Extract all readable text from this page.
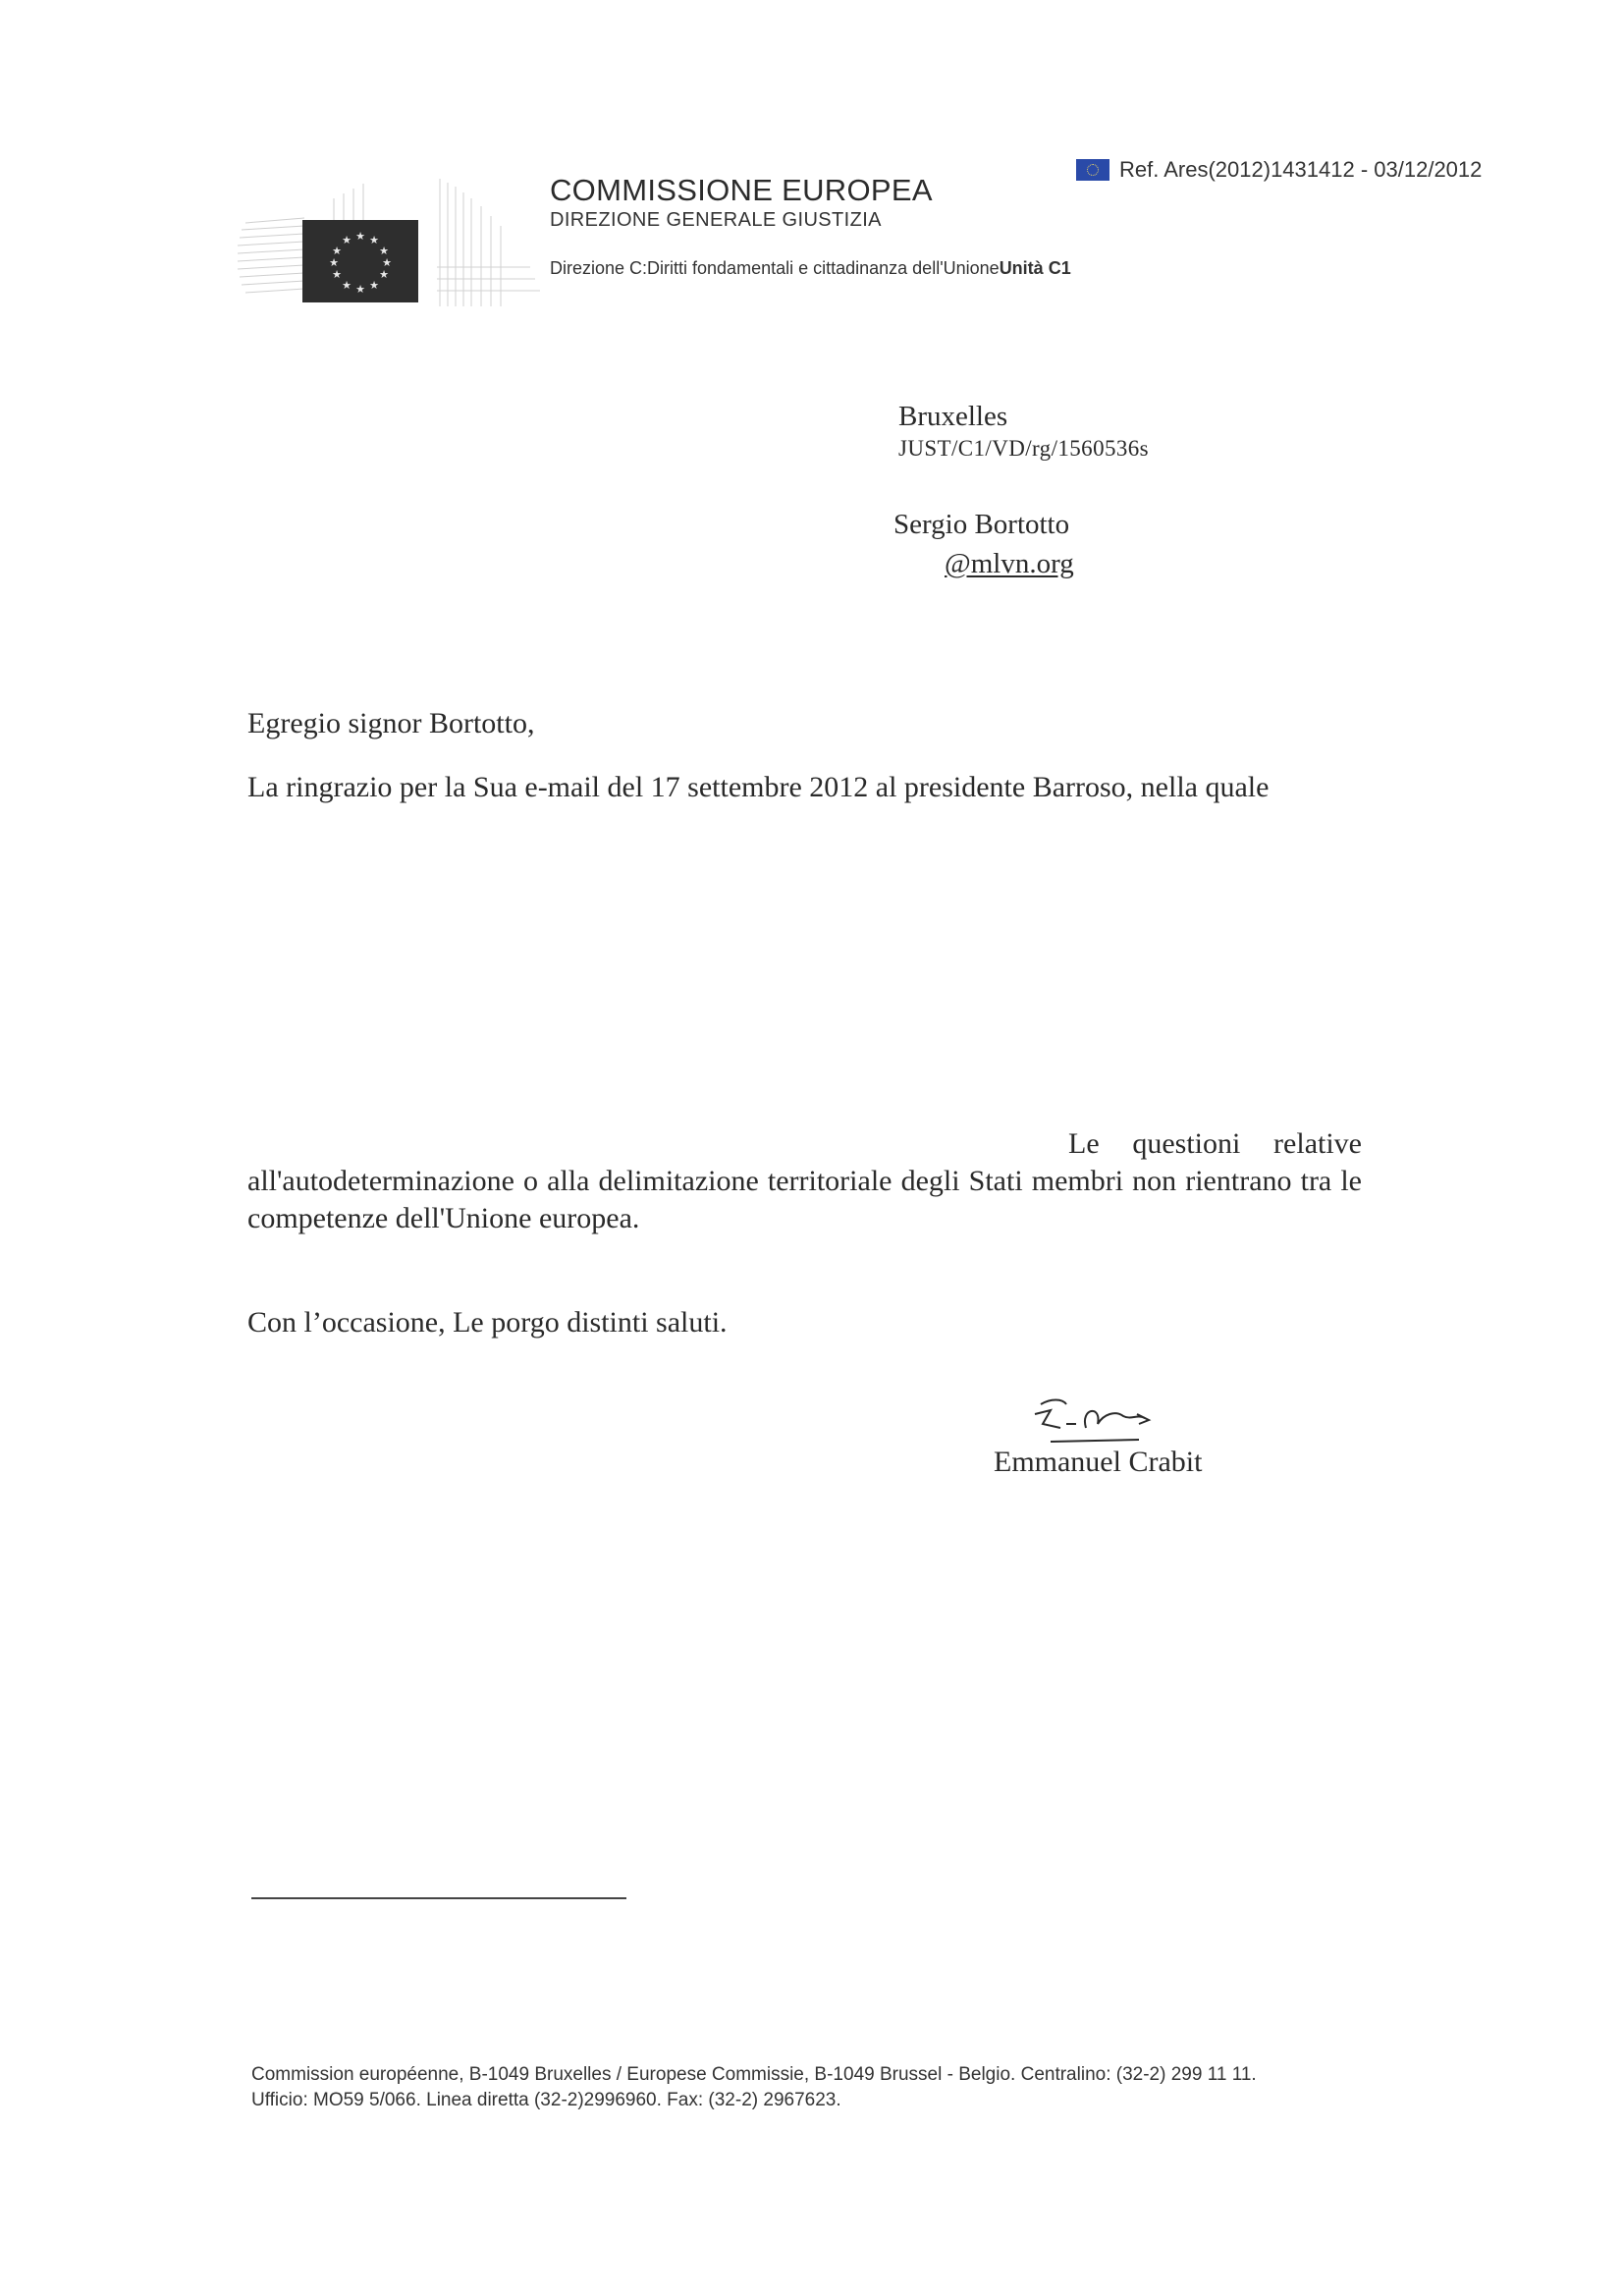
★ ★
★
★
★
★
★
★
★
★
★
★
COMMISSIONE EUROPEA
DIREZIONE GENERALE GIUSTIZIA
Direzione C:Diritti fondamentali e cittadinanza dell'UnioneUnità C1
Ref. Ares(2012)1431412 - 03/12/2012
Bruxelles
JUST/C1/VD/rg/1560536s
Sergio Bortotto
@mlvn.org
Egregio signor Bortotto,
La ringrazio per la Sua e-mail del 17 settembre 2012 al presidente Barroso, nella quale
Le questioni relative all'autodeterminazione o alla delimitazione territoriale degli Stati membri non rientrano tra le competenze dell'Unione europea.
Con l’occasione, Le porgo distinti saluti.
Emmanuel Crabit
Commission européenne, B-1049 Bruxelles / Europese Commissie, B-1049 Brussel - Belgio. Centralino: (32-2) 299 11 11.
Ufficio: MO59 5/066. Linea diretta (32-2)2996960. Fax: (32-2) 2967623.
